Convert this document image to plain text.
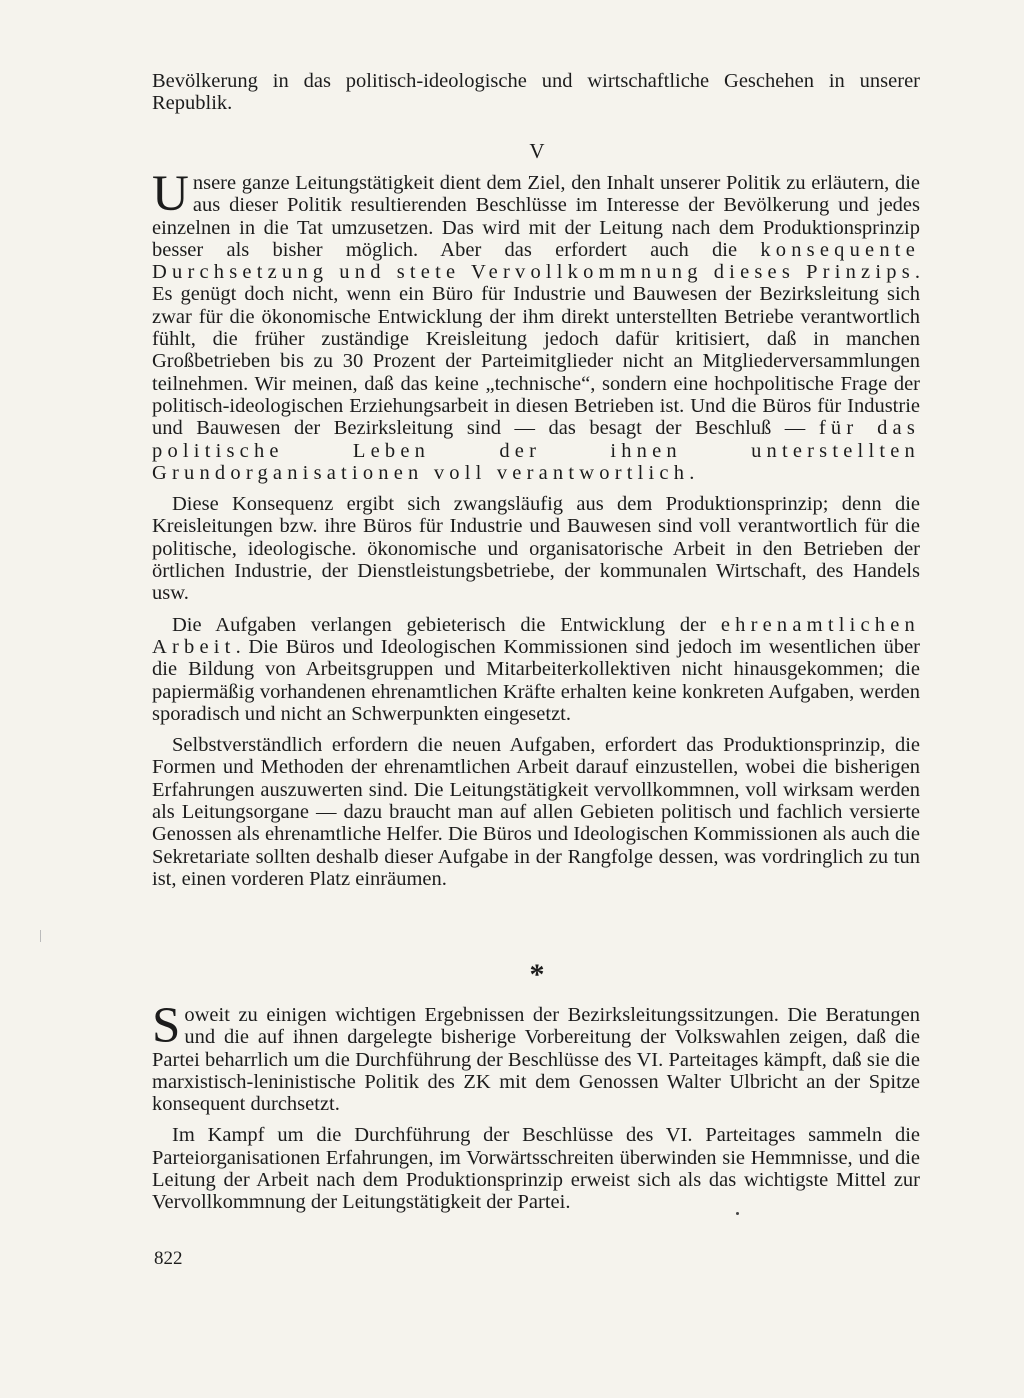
Bevölkerung in das politisch-ideologische und wirtschaftliche Geschehen in unserer Republik.

V

Unsere ganze Leitungstätigkeit dient dem Ziel, den Inhalt unserer Politik zu erläutern, die aus dieser Politik resultierenden Beschlüsse im Interesse der Bevölkerung und jedes einzelnen in die Tat umzusetzen. Das wird mit der Leitung nach dem Produktionsprinzip besser als bisher möglich. Aber das erfordert auch die konsequente Durchsetzung und stete Vervollkommnung dieses Prinzips. Es genügt doch nicht, wenn ein Büro für Industrie und Bauwesen der Bezirksleitung sich zwar für die ökonomische Entwicklung der ihm direkt unterstellten Betriebe verantwortlich fühlt, die früher zuständige Kreisleitung jedoch dafür kritisiert, daß in manchen Großbetrieben bis zu 30 Prozent der Parteimitglieder nicht an Mitgliederversammlungen teilnehmen. Wir meinen, daß das keine „technische“, sondern eine hochpolitische Frage der politisch-ideologischen Erziehungsarbeit in diesen Betrieben ist. Und die Büros für Industrie und Bauwesen der Bezirksleitung sind — das besagt der Beschluß — für das politische Leben der ihnen unterstellten Grundorganisationen voll verantwortlich.

Diese Konsequenz ergibt sich zwangsläufig aus dem Produktionsprinzip; denn die Kreisleitungen bzw. ihre Büros für Industrie und Bauwesen sind voll verantwortlich für die politische, ideologische. ökonomische und organisatorische Arbeit in den Betrieben der örtlichen Industrie, der Dienstleistungsbetriebe, der kommunalen Wirtschaft, des Handels usw.

Die Aufgaben verlangen gebieterisch die Entwicklung der ehrenamtlichen Arbeit. Die Büros und Ideologischen Kommissionen sind jedoch im wesentlichen über die Bildung von Arbeitsgruppen und Mitarbeiterkollektiven nicht hinausgekommen; die papiermäßig vorhandenen ehrenamtlichen Kräfte erhalten keine konkreten Aufgaben, werden sporadisch und nicht an Schwerpunkten eingesetzt.

Selbstverständlich erfordern die neuen Aufgaben, erfordert das Produktionsprinzip, die Formen und Methoden der ehrenamtlichen Arbeit darauf einzustellen, wobei die bisherigen Erfahrungen auszuwerten sind. Die Leitungstätigkeit vervollkommnen, voll wirksam werden als Leitungsorgane — dazu braucht man auf allen Gebieten politisch und fachlich versierte Genossen als ehrenamtliche Helfer. Die Büros und Ideologischen Kommissionen als auch die Sekretariate sollten deshalb dieser Aufgabe in der Rangfolge dessen, was vordringlich zu tun ist, einen vorderen Platz einräumen.

*

Soweit zu einigen wichtigen Ergebnissen der Bezirksleitungssitzungen. Die Beratungen und die auf ihnen dargelegte bisherige Vorbereitung der Volkswahlen zeigen, daß die Partei beharrlich um die Durchführung der Beschlüsse des VI. Parteitages kämpft, daß sie die marxistisch-leninistische Politik des ZK mit dem Genossen Walter Ulbricht an der Spitze konsequent durchsetzt.

Im Kampf um die Durchführung der Beschlüsse des VI. Parteitages sammeln die Parteiorganisationen Erfahrungen, im Vorwärtsschreiten überwinden sie Hemmnisse, und die Leitung der Arbeit nach dem Produktionsprinzip erweist sich als das wichtigste Mittel zur Vervollkommnung der Leitungstätigkeit der Partei.

822
